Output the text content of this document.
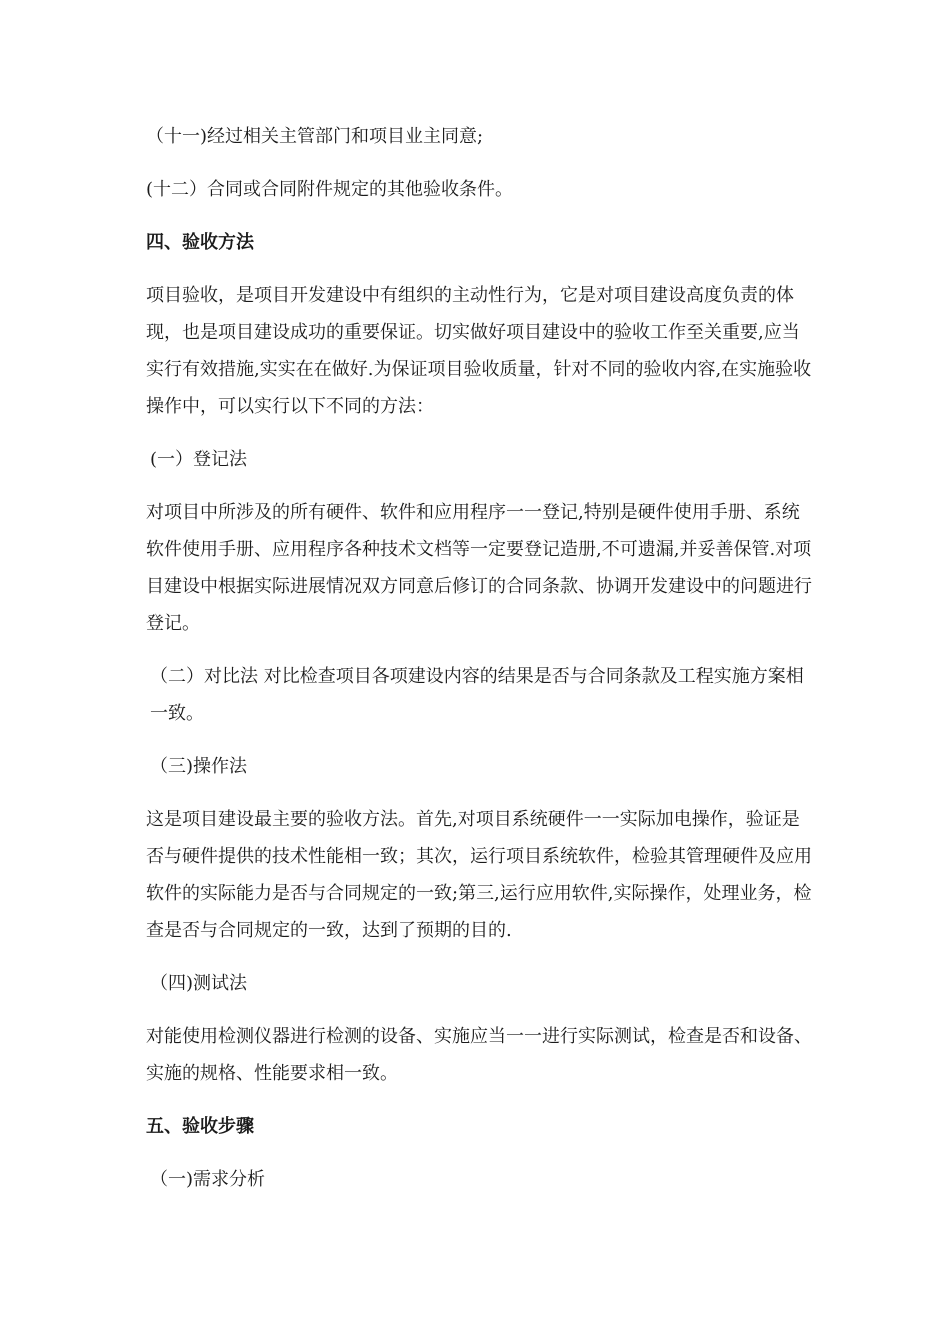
（十一)经过相关主管部门和项目业主同意;

(十二）合同或合同附件规定的其他验收条件。

四、验收方法

项目验收，是项目开发建设中有组织的主动性行为，它是对项目建设高度负责的体现，也是项目建设成功的重要保证。切实做好项目建设中的验收工作至关重要,应当实行有效措施,实实在在做好.为保证项目验收质量，针对不同的验收内容,在实施验收操作中，可以实行以下不同的方法：

(一）登记法

对项目中所涉及的所有硬件、软件和应用程序一一登记,特别是硬件使用手册、系统软件使用手册、应用程序各种技术文档等一定要登记造册,不可遗漏,并妥善保管.对项目建设中根据实际进展情况双方同意后修订的合同条款、协调开发建设中的问题进行登记。

（二）对比法 对比检查项目各项建设内容的结果是否与合同条款及工程实施方案相一致。

（三)操作法

这是项目建设最主要的验收方法。首先,对项目系统硬件一一实际加电操作，验证是否与硬件提供的技术性能相一致；其次，运行项目系统软件，检验其管理硬件及应用软件的实际能力是否与合同规定的一致;第三,运行应用软件,实际操作，处理业务，检查是否与合同规定的一致，达到了预期的目的.

（四)测试法

对能使用检测仪器进行检测的设备、实施应当一一进行实际测试，检查是否和设备、实施的规格、性能要求相一致。

五、验收步骤

（一)需求分析
